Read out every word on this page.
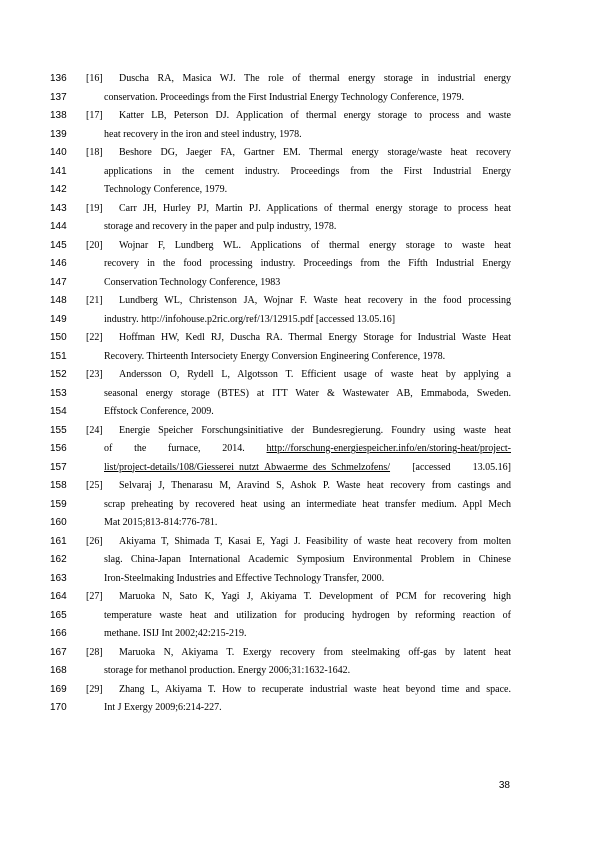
136	[16] Duscha RA, Masica WJ. The role of thermal energy storage in industrial energy
137	conservation. Proceedings from the First Industrial Energy Technology Conference, 1979.
138	[17] Katter LB, Peterson DJ. Application of thermal energy storage to process and waste
139	heat recovery in the iron and steel industry, 1978.
140	[18] Beshore DG, Jaeger FA, Gartner EM. Thermal energy storage/waste heat recovery
141	applications in the cement industry. Proceedings from the First Industrial Energy
142	Technology Conference, 1979.
143	[19] Carr JH, Hurley PJ, Martin PJ. Applications of thermal energy storage to process heat
144	storage and recovery in the paper and pulp industry, 1978.
145	[20] Wojnar F, Lundberg WL. Applications of thermal energy storage to waste heat
146	recovery in the food processing industry. Proceedings from the Fifth Industrial Energy
147	Conservation Technology Conference, 1983
148	[21] Lundberg WL, Christenson JA, Wojnar F. Waste heat recovery in the food processing
149	industry. http://infohouse.p2ric.org/ref/13/12915.pdf [accessed 13.05.16]
150	[22] Hoffman HW, Kedl RJ, Duscha RA. Thermal Energy Storage for Industrial Waste Heat
151	Recovery. Thirteenth Intersociety Energy Conversion Engineering Conference, 1978.
152	[23] Andersson O, Rydell L, Algotsson T. Efficient usage of waste heat by applying a
153	seasonal energy storage (BTES) at ITT Water & Wastewater AB, Emmaboda, Sweden.
154	Effstock Conference, 2009.
155	[24] Energie Speicher Forschungsinitiative der Bundesregierung. Foundry using waste heat
156	of the furnace, 2014. http://forschung-energiespeicher.info/en/storing-heat/project-
157	list/project-details/108/Giesserei_nutzt_Abwaerme_des_Schmelzofens/ [accessed 13.05.16]
158	[25] Selvaraj J, Thenarasu M, Aravind S, Ashok P. Waste heat recovery from castings and
159	scrap preheating by recovered heat using an intermediate heat transfer medium. Appl Mech
160	Mat 2015;813-814:776-781.
161	[26] Akiyama T, Shimada T, Kasai E, Yagi J. Feasibility of waste heat recovery from molten
162	slag. China-Japan International Academic Symposium Environmental Problem in Chinese
163	Iron-Steelmaking Industries and Effective Technology Transfer, 2000.
164	[27] Maruoka N, Sato K, Yagi J, Akiyama T. Development of PCM for recovering high
165	temperature waste heat and utilization for producing hydrogen by reforming reaction of
166	methane. ISIJ Int 2002;42:215-219.
167	[28] Maruoka N, Akiyama T. Exergy recovery from steelmaking off-gas by latent heat
168	storage for methanol production. Energy 2006;31:1632-1642.
169	[29] Zhang L, Akiyama T. How to recuperate industrial waste heat beyond time and space.
170	Int J Exergy 2009;6:214-227.
38
